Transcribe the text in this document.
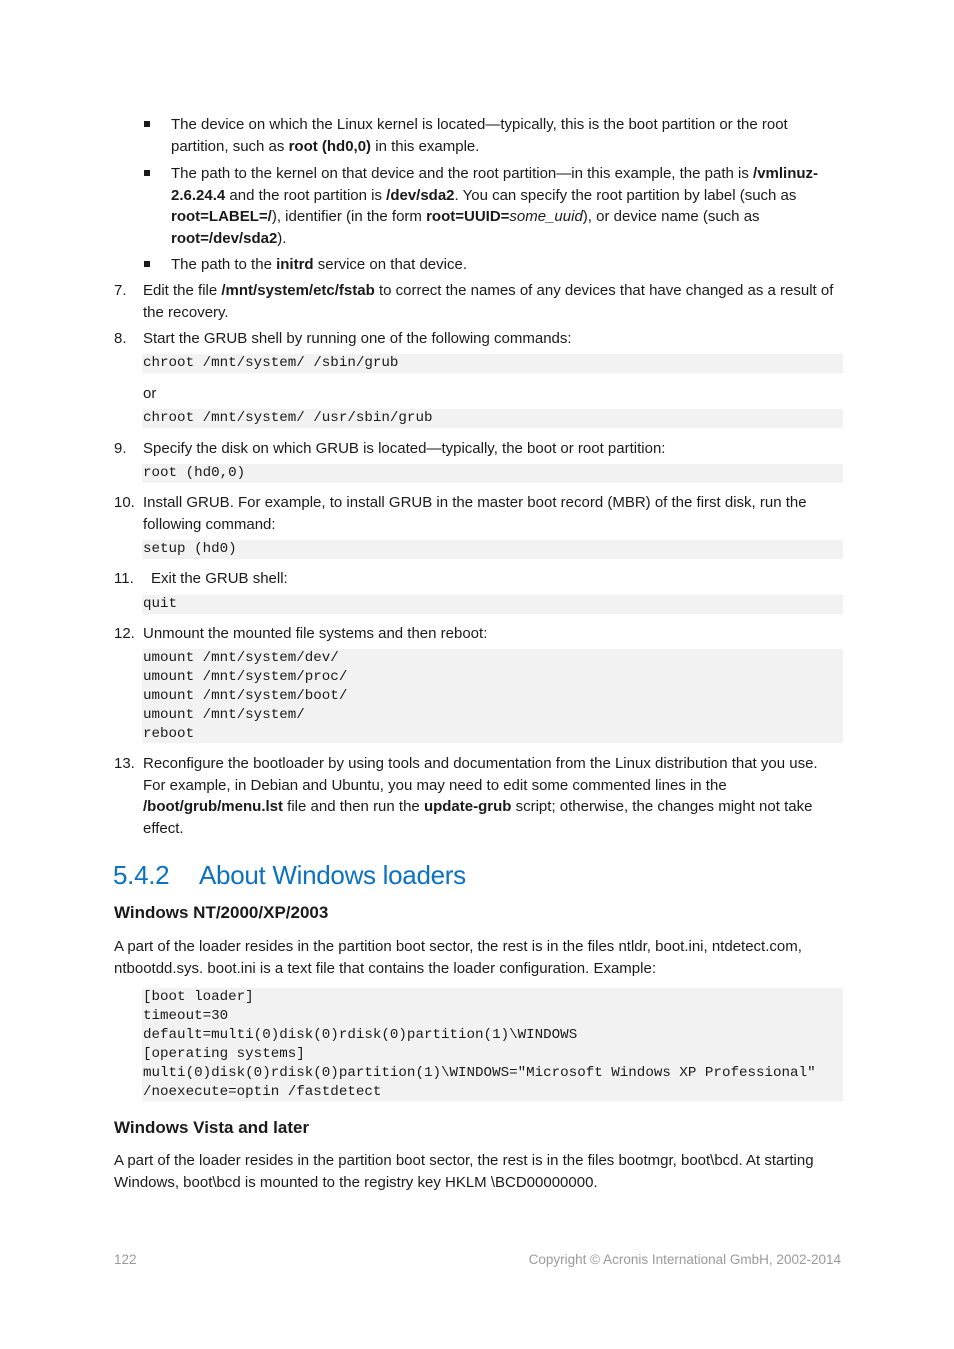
The device on which the Linux kernel is located—typically, this is the boot partition or the root partition, such as root (hd0,0) in this example.
The path to the kernel on that device and the root partition—in this example, the path is /vmlinuz-2.6.24.4 and the root partition is /dev/sda2. You can specify the root partition by label (such as root=LABEL=/), identifier (in the form root=UUID=some_uuid), or device name (such as root=/dev/sda2).
The path to the initrd service on that device.
7.	Edit the file /mnt/system/etc/fstab to correct the names of any devices that have changed as a result of the recovery.
8.	Start the GRUB shell by running one of the following commands:
chroot /mnt/system/ /sbin/grub
or
chroot /mnt/system/ /usr/sbin/grub
9.	Specify the disk on which GRUB is located—typically, the boot or root partition:
root (hd0,0)
10. Install GRUB. For example, to install GRUB in the master boot record (MBR) of the first disk, run the following command:
setup (hd0)
11.	Exit the GRUB shell:
quit
12. Unmount the mounted file systems and then reboot:
umount /mnt/system/dev/
umount /mnt/system/proc/
umount /mnt/system/boot/
umount /mnt/system/
reboot
13. Reconfigure the bootloader by using tools and documentation from the Linux distribution that you use. For example, in Debian and Ubuntu, you may need to edit some commented lines in the /boot/grub/menu.lst file and then run the update-grub script; otherwise, the changes might not take effect.
5.4.2 About Windows loaders
Windows NT/2000/XP/2003
A part of the loader resides in the partition boot sector, the rest is in the files ntldr, boot.ini, ntdetect.com, ntbootdd.sys. boot.ini is a text file that contains the loader configuration. Example:
[boot loader]
timeout=30
default=multi(0)disk(0)rdisk(0)partition(1)\WINDOWS
[operating systems]
multi(0)disk(0)rdisk(0)partition(1)\WINDOWS="Microsoft Windows XP Professional"
/noexecute=optin /fastdetect
Windows Vista and later
A part of the loader resides in the partition boot sector, the rest is in the files bootmgr, boot\bcd. At starting Windows, boot\bcd is mounted to the registry key HKLM \BCD00000000.
122	Copyright © Acronis International GmbH, 2002-2014
